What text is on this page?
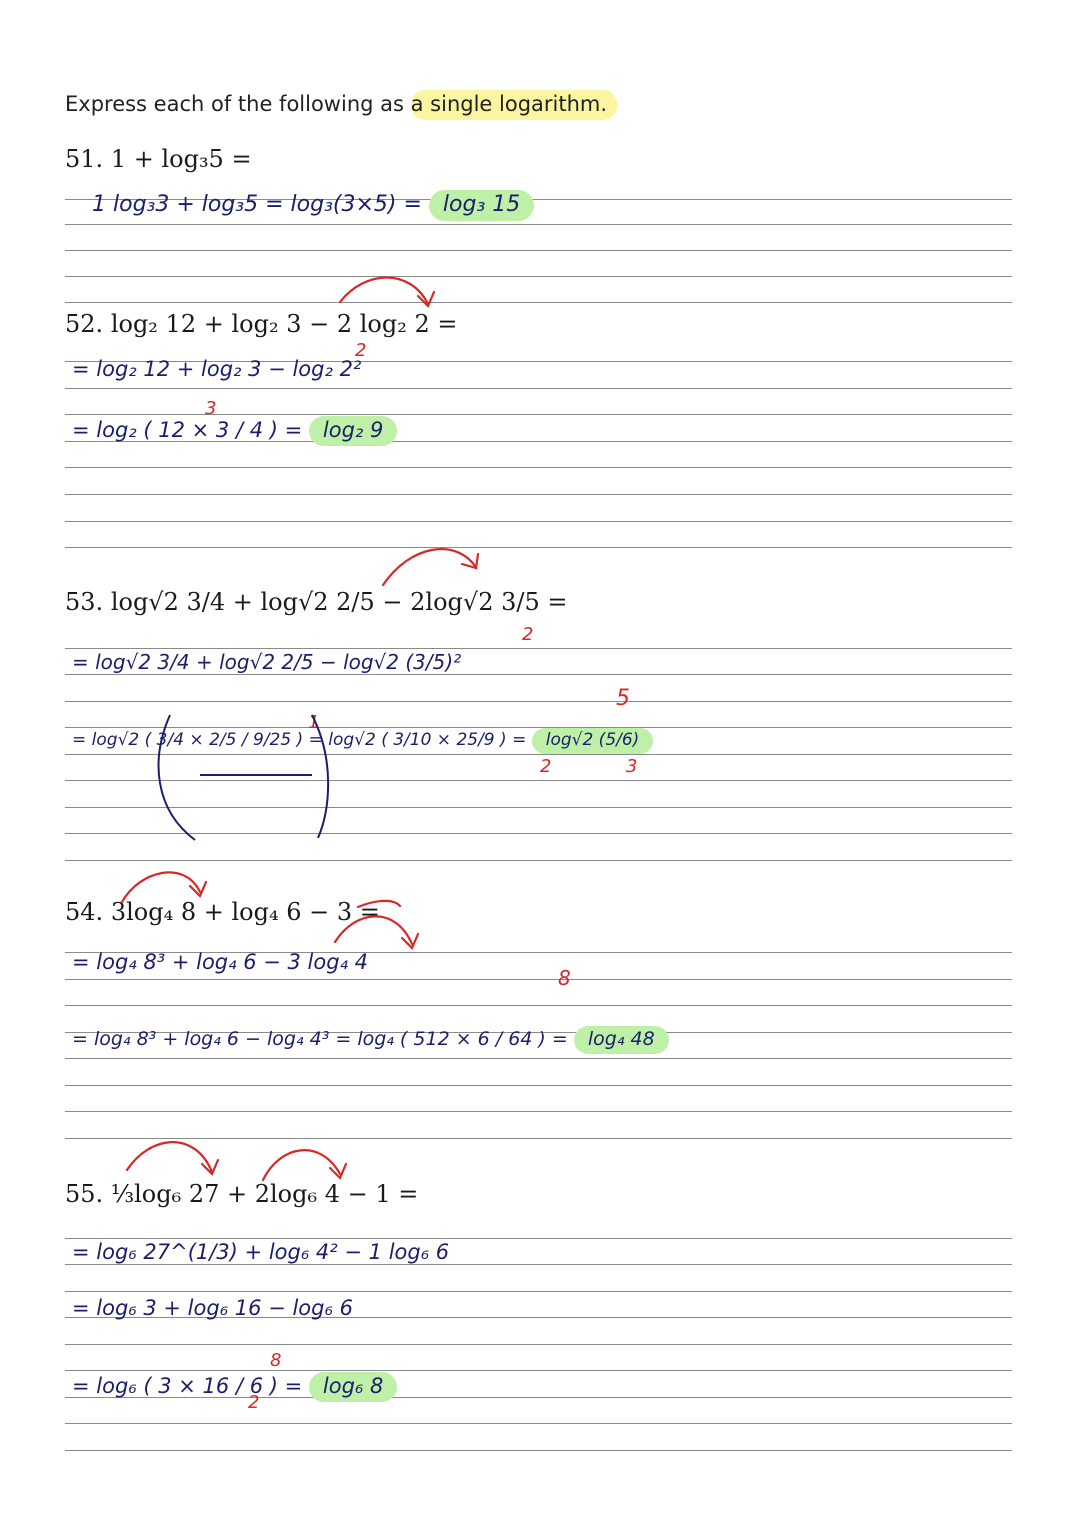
Express each of the following as a single logarithm.
51. 1 + log₃5 =
1 log₃3 + log₃5 = log₃(3×5) = log₃ 15
52. log₂ 12 + log₂ 3 − 2 log₂ 2 =
= log₂ 12 + log₂ 3 − log₂ 2²
= log₂ ( 12 × 3 / 4 ) = log₂ 9
2
3
53. log√2 3/4 + log√2 2/5 − 2log√2 3/5 =
= log√2 3/4 + log√2 2/5 − log√2 (3/5)²
= log√2 ( 3/4 × 2/5 / 9/25 ) = log√2 ( 3/10 × 25/9 ) = log√2 (5/6)
2
1
5
2	3
54. 3log₄ 8 + log₄ 6 − 3 =
= log₄ 8³ + log₄ 6 − 3 log₄ 4
= log₄ 8³ + log₄ 6 − log₄ 4³ = log₄ ( 512 × 6 / 64 ) = log₄ 48
8
55. ⅓log₆ 27 + 2log₆ 4 − 1 =
= log₆ 27^(1/3) + log₆ 4² − 1 log₆ 6
= log₆ 3 + log₆ 16 − log₆ 6
= log₆ ( 3 × 16 / 6 ) = log₆ 8
8
2
